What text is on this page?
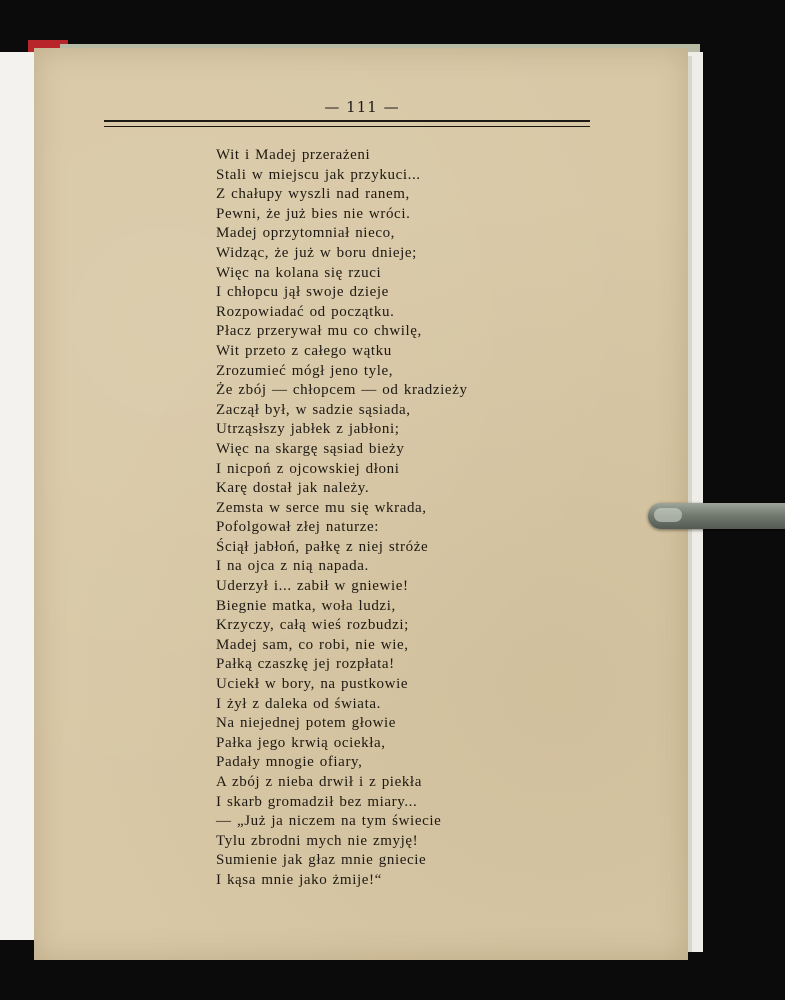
— 111 —
Wit i Madej przerażeni
Stali w miejscu jak przykuci...
Z chałupy wyszli nad ranem,
Pewni, że już bies nie wróci.
Madej oprzytomniał nieco,
Widząc, że już w boru dnieje;
Więc na kolana się rzuci
I chłopcu jął swoje dzieje
Rozpowiadać od początku.
Płacz przerywał mu co chwilę,
Wit przeto z całego wątku
Zrozumieć mógł jeno tyle,
Że zbój — chłopcem — od kradzieży
Zaczął był, w sadzie sąsiada,
Utrząsłszy jabłek z jabłoni;
Więc na skargę sąsiad bieży
I nicpoń z ojcowskiej dłoni
Karę dostał jak należy.
Zemsta w serce mu się wkrada,
Pofolgował złej naturze:
Ściął jabłoń, pałkę z niej stróże
I na ojca z nią napada.
Uderzył i... zabił w gniewie!
Biegnie matka, woła ludzi,
Krzyczy, całą wieś rozbudzi;
Madej sam, co robi, nie wie,
Pałką czaszkę jej rozpłata!
Uciekł w bory, na pustkowie
I żył z daleka od świata.
Na niejednej potem głowie
Pałka jego krwią ociekła,
Padały mnogie ofiary,
A zbój z nieba drwił i z piekła
I skarb gromadził bez miary...
— „Już ja niczem na tym świecie
Tylu zbrodni mych nie zmyję!
Sumienie jak głaz mnie gniecie
I kąsa mnie jako żmije!“
